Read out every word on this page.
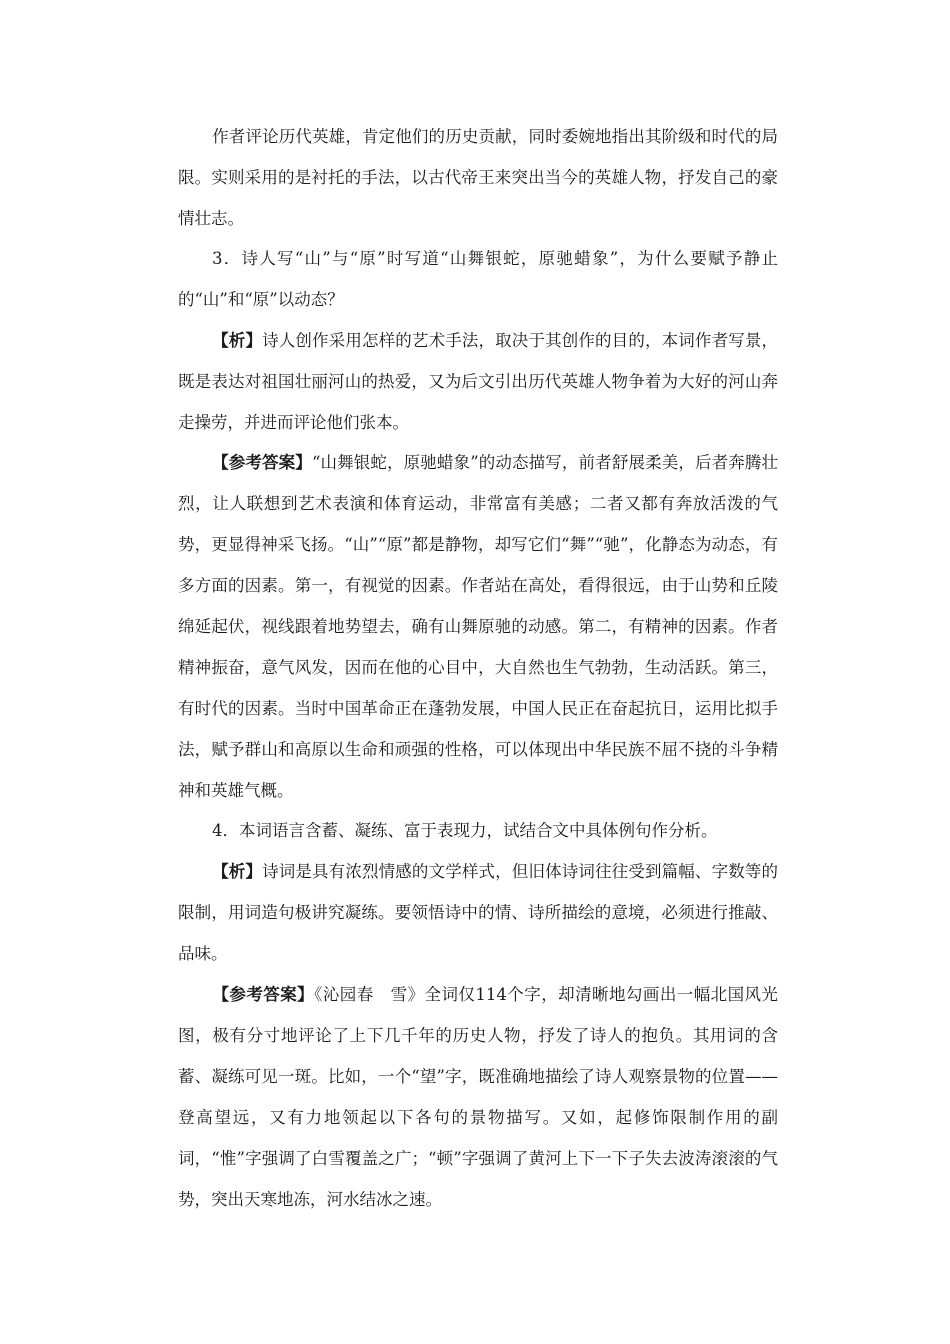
作者评论历代英雄，肯定他们的历史贡献，同时委婉地指出其阶级和时代的局限。实则采用的是衬托的手法，以古代帝王来突出当今的英雄人物，抒发自己的豪情壮志。

3．诗人写“山”与“原”时写道“山舞银蛇，原驰蜡象”，为什么要赋予静止的“山”和“原”以动态？

【析】诗人创作采用怎样的艺术手法，取决于其创作的目的，本词作者写景，既是表达对祖国壮丽河山的热爱，又为后文引出历代英雄人物争着为大好的河山奔走操劳，并进而评论他们张本。

【参考答案】“山舞银蛇，原驰蜡象”的动态描写，前者舒展柔美，后者奔腾壮烈，让人联想到艺术表演和体育运动，非常富有美感；二者又都有奔放活泼的气势，更显得神采飞扬。“山”“原”都是静物，却写它们“舞”“驰”，化静态为动态，有多方面的因素。第一，有视觉的因素。作者站在高处，看得很远，由于山势和丘陵绵延起伏，视线跟着地势望去，确有山舞原驰的动感。第二，有精神的因素。作者精神振奋，意气风发，因而在他的心目中，大自然也生气勃勃，生动活跃。第三，有时代的因素。当时中国革命正在蓬勃发展，中国人民正在奋起抗日，运用比拟手法，赋予群山和高原以生命和顽强的性格，可以体现出中华民族不屈不挠的斗争精神和英雄气概。

4．本词语言含蓄、凝练、富于表现力，试结合文中具体例句作分析。

【析】诗词是具有浓烈情感的文学样式，但旧体诗词往往受到篇幅、字数等的限制，用词造句极讲究凝练。要领悟诗中的情、诗所描绘的意境，必须进行推敲、品味。

【参考答案】《沁园春　雪》全词仅114个字，却清晰地勾画出一幅北国风光图，极有分寸地评论了上下几千年的历史人物，抒发了诗人的抱负。其用词的含蓄、凝练可见一斑。比如，一个“望”字，既准确地描绘了诗人观察景物的位置——登高望远，又有力地领起以下各句的景物描写。又如，起修饰限制作用的副词，“惟”字强调了白雪覆盖之广；“顿”字强调了黄河上下一下子失去波涛滚滚的气势，突出天寒地冻，河水结冰之速。
